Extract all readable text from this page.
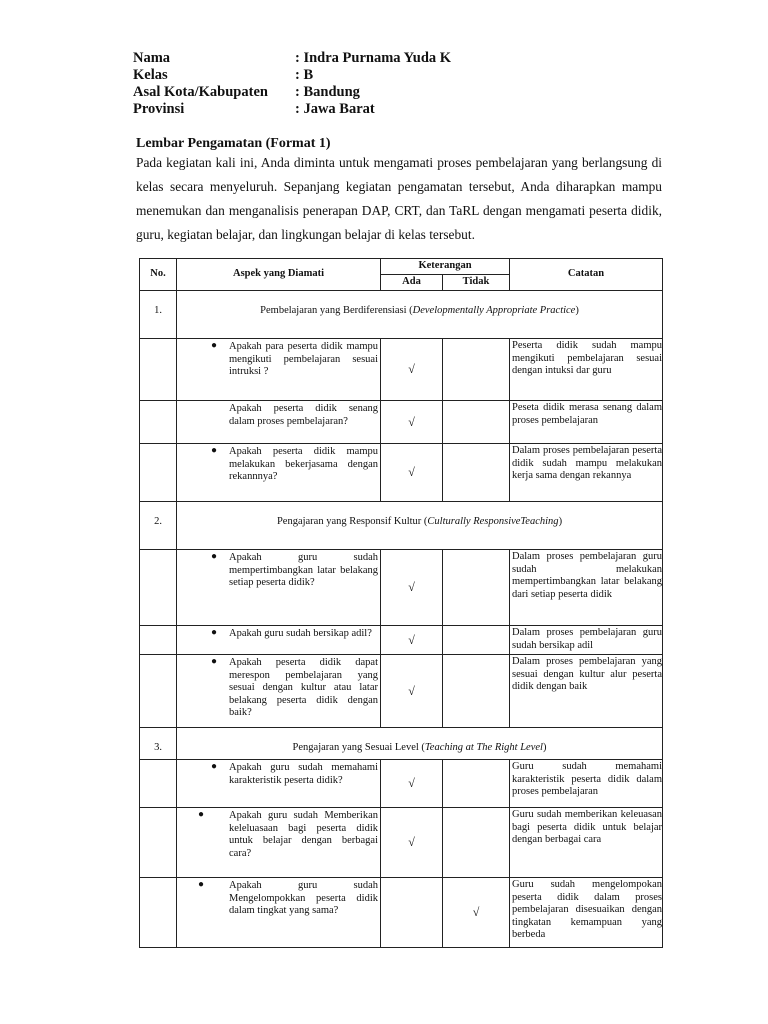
Nama	: Indra Purnama Yuda K
Kelas	: B
Asal Kota/Kabupaten	: Bandung
Provinsi	: Jawa Barat
Lembar Pengamatan (Format 1)
Pada kegiatan kali ini, Anda diminta untuk mengamati proses pembelajaran yang berlangsung di kelas secara menyeluruh. Sepanjang kegiatan pengamatan tersebut, Anda diharapkan mampu menemukan dan menganalisis penerapan DAP, CRT, dan TaRL dengan mengamati peserta didik, guru, kegiatan belajar, dan lingkungan belajar di kelas tersebut.
No.	Aspek yang Diamati	Keterangan		Catatan
		Ada	Tidak	
1.	Pembelajaran yang Berdiferensiasi (Developmentally Appropriate Practice)			

	● Apakah para peserta didik mampu mengikuti pembelajaran sesuai intruksi ?	√		Peserta didik sudah mampu mengikuti pembelajaran sesuai dengan intuksi dar guru
	Apakah peserta didik senang dalam proses pembelajaran?	√		Peseta didik merasa senang dalam proses pembelajaran

	● Apakah peserta didik mampu melakukan bekerjasama dengan rekannnya?	√		Dalam proses pembelajaran peserta didik sudah mampu melakukan kerja sama dengan rekannya
2.	Pengajaran yang Responsif Kultur (Culturally ResponsiveTeaching)			

	● Apakah guru sudah mempertimbangkan latar belakang setiap peserta didik?	√		Dalam proses pembelajaran guru sudah melakukan mempertimbangkan latar belakang dari setiap peserta didik

	● Apakah guru sudah bersikap adil?	√		Dalam proses pembelajaran guru sudah bersikap adil

	● Apakah peserta didik dapat merespon pembelajaran yang sesuai dengan kultur atau latar belakang peserta didik dengan baik?	√		Dalam proses pembelajaran yang sesuai dengan kultur alur peserta didik dengan baik
3.	Pengajaran yang Sesuai Level (Teaching at The Right Level)			

	● Apakah guru sudah memahami karakteristik peserta didik?	√		Guru sudah memahami karakteristik peserta didik dalam proses pembelajaran

	● Apakah guru sudah Memberikan keleluasaan bagi peserta didik untuk belajar dengan berbagai cara?	√		Guru sudah memberikan keleuasan bagi peserta didik untuk belajar dengan berbagai cara

	● Apakah guru sudah Mengelompokkan peserta didik dalam tingkat yang sama?		√	Guru sudah mengelompokan peserta didik dalam proses pembelajaran disesuaikan dengan tingkatan kemampuan yang berbeda
